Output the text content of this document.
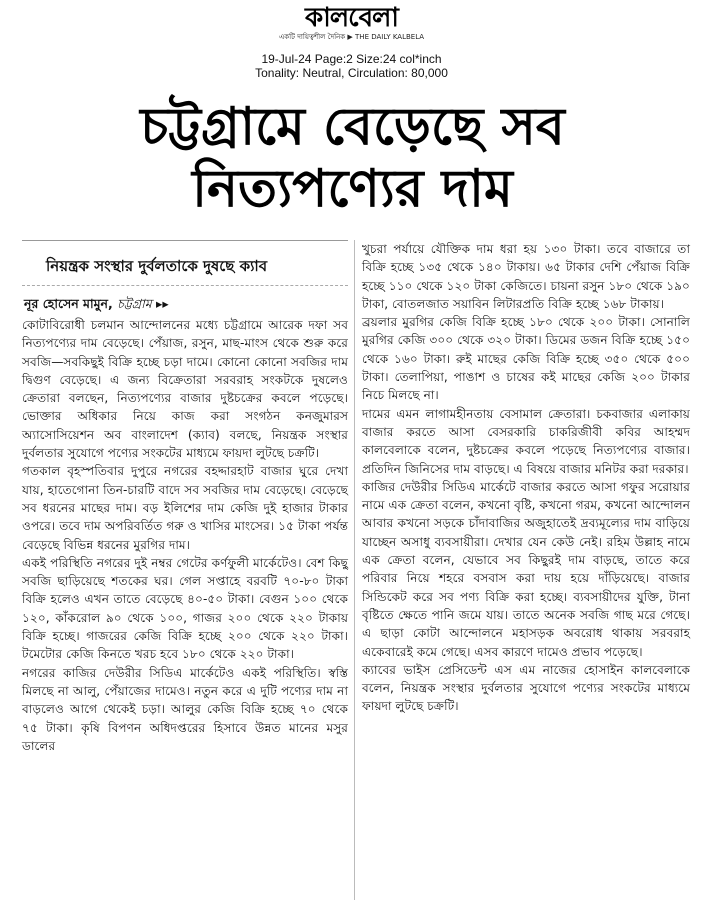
কালবেলা
একটি দায়িত্বশীল দৈনিক ▶ THE DAILY KALBELA
19-Jul-24 Page:2 Size:24 col*inch
Tonality: Neutral, Circulation: 80,000
চট্টগ্রামে বেড়েছে সব
নিত্যপণ্যের দাম
নিয়ন্ত্রক সংস্থার দুর্বলতাকে দুষছে ক্যাব
নূর হোসেন মামুন, চট্টগ্রাম ▸▸

কোটাবিরোধী চলমান আন্দোলনের মধ্যে চট্টগ্রামে আরেক দফা সব নিত্যপণ্যের দাম বেড়েছে। পেঁয়াজ, রসুন, মাছ-মাংস থেকে শুরু করে সবজি—সবকিছুই বিক্রি হচ্ছে চড়া দামে। কোনো কোনো সবজির দাম দ্বিগুণ বেড়েছে। এ জন্য বিক্রেতারা সরবরাহ সংকটকে দুষলেও ক্রেতারা বলছেন, নিত্যপণ্যের বাজার দুষ্টচক্রের কবলে পড়েছে। ভোক্তার অধিকার নিয়ে কাজ করা সংগঠন কনজুমারস অ্যাসোসিয়েশন অব বাংলাদেশ (ক্যাব) বলছে, নিয়ন্ত্রক সংস্থার দুর্বলতার সুযোগে পণ্যের সংকটের মাধ্যমে ফায়দা লুটছে চক্রটি।

গতকাল বৃহস্পতিবার দুপুরে নগরের বহদ্দারহাট বাজার ঘুরে দেখা যায়, হাতেগোনা তিন-চারটি বাদে সব সবজির দাম বেড়েছে। বেড়েছে সব ধরনের মাছের দাম। বড় ইলিশের দাম কেজি দুই হাজার টাকার ওপরে। তবে দাম অপরিবর্তিত গরু ও খাসির মাংসের। ১৫ টাকা পর্যন্ত বেড়েছে বিভিন্ন ধরনের মুরগির দাম।

একই পরিস্থিতি নগরের দুই নম্বর গেটের কর্ণফুলী মার্কেটেও। বেশ কিছু সবজি ছাড়িয়েছে শতকের ঘর। গেল সপ্তাহে বরবটি ৭০-৮০ টাকা বিক্রি হলেও এখন তাতে বেড়েছে ৪০-৫০ টাকা। বেগুন ১০০ থেকে ১২০, কাঁকরোল ৯০ থেকে ১০০, গাজর ২০০ থেকে ২২০ টাকায় বিক্রি হচ্ছে। গাজরের কেজি বিক্রি হচ্ছে ২০০ থেকে ২২০ টাকা। টমেটোর কেজি কিনতে খরচ হবে ১৮০ থেকে ২২০ টাকা।

নগরের কাজির দেউরীর সিডিএ মার্কেটেও একই পরিস্থিতি। স্বস্তি মিলছে না আলু, পেঁয়াজের দামেও। নতুন করে এ দুটি পণ্যের দাম না বাড়লেও আগে থেকেই চড়া। আলুর কেজি বিক্রি হচ্ছে ৭০ থেকে ৭৫ টাকা। কৃষি বিপণন অধিদপ্তরের হিসাবে উন্নত মানের মসুর ডালের

খুচরা পর্যায়ে যৌক্তিক দাম ধরা হয় ১৩০ টাকা। তবে বাজারে তা বিক্রি হচ্ছে ১৩৫ থেকে ১৪০ টাকায়। ৬৫ টাকার দেশি পেঁয়াজ বিক্রি হচ্ছে ১১০ থেকে ১২০ টাকা কেজিতে। চায়না রসুন ১৮০ থেকে ১৯০ টাকা, বোতলজাত সয়াবিন লিটারপ্রতি বিক্রি হচ্ছে ১৬৮ টাকায়।

ব্রয়লার মুরগির কেজি বিক্রি হচ্ছে ১৮০ থেকে ২০০ টাকা। সোনালি মুরগির কেজি ৩০০ থেকে ৩২০ টাকা। ডিমের ডজন বিক্রি হচ্ছে ১৫০ থেকে ১৬০ টাকা। রুই মাছের কেজি বিক্রি হচ্ছে ৩৫০ থেকে ৫০০ টাকা। তেলাপিয়া, পাঙাশ ও চাষের কই মাছের কেজি ২০০ টাকার নিচে মিলছে না।

দামের এমন লাগামহীনতায় বেসামাল ক্রেতারা। চকবাজার এলাকায় বাজার করতে আসা বেসরকারি চাকরিজীবী কবির আহম্মদ কালবেলাকে বলেন, দুষ্টচক্রের কবলে পড়েছে নিত্যপণ্যের বাজার। প্রতিদিন জিনিসের দাম বাড়ছে। এ বিষয়ে বাজার মনিটর করা দরকার।

কাজির দেউরীর সিডিএ মার্কেটে বাজার করতে আসা গফুর সরোয়ার নামে এক ক্রেতা বলেন, কখনো বৃষ্টি, কখনো গরম, কখনো আন্দোলন আবার কখনো সড়কে চাঁদাবাজির অজুহাতেই দ্রব্যমূল্যের দাম বাড়িয়ে যাচ্ছেন অসাধু ব্যবসায়ীরা। দেখার যেন কেউ নেই। রহিম উল্লাহ নামে এক ক্রেতা বলেন, যেভাবে সব কিছুরই দাম বাড়ছে, তাতে করে পরিবার নিয়ে শহরে বসবাস করা দায় হয়ে দাঁড়িয়েছে। বাজার সিন্ডিকেট করে সব পণ্য বিক্রি করা হচ্ছে। ব্যবসায়ীদের যুক্তি, টানা বৃষ্টিতে ক্ষেতে পানি জমে যায়। তাতে অনেক সবজি গাছ মরে গেছে। এ ছাড়া কোটা আন্দোলনে মহাসড়ক অবরোধ থাকায় সরবরাহ একেবারেই কমে গেছে। এসব কারণে দামেও প্রভাব পড়েছে।

ক্যাবের ভাইস প্রেসিডেন্ট এস এম নাজের হোসাইন কালবেলাকে বলেন, নিয়ন্ত্রক সংস্থার দুর্বলতার সুযোগে পণ্যের সংকটের মাধ্যমে ফায়দা লুটছে চক্রটি।
